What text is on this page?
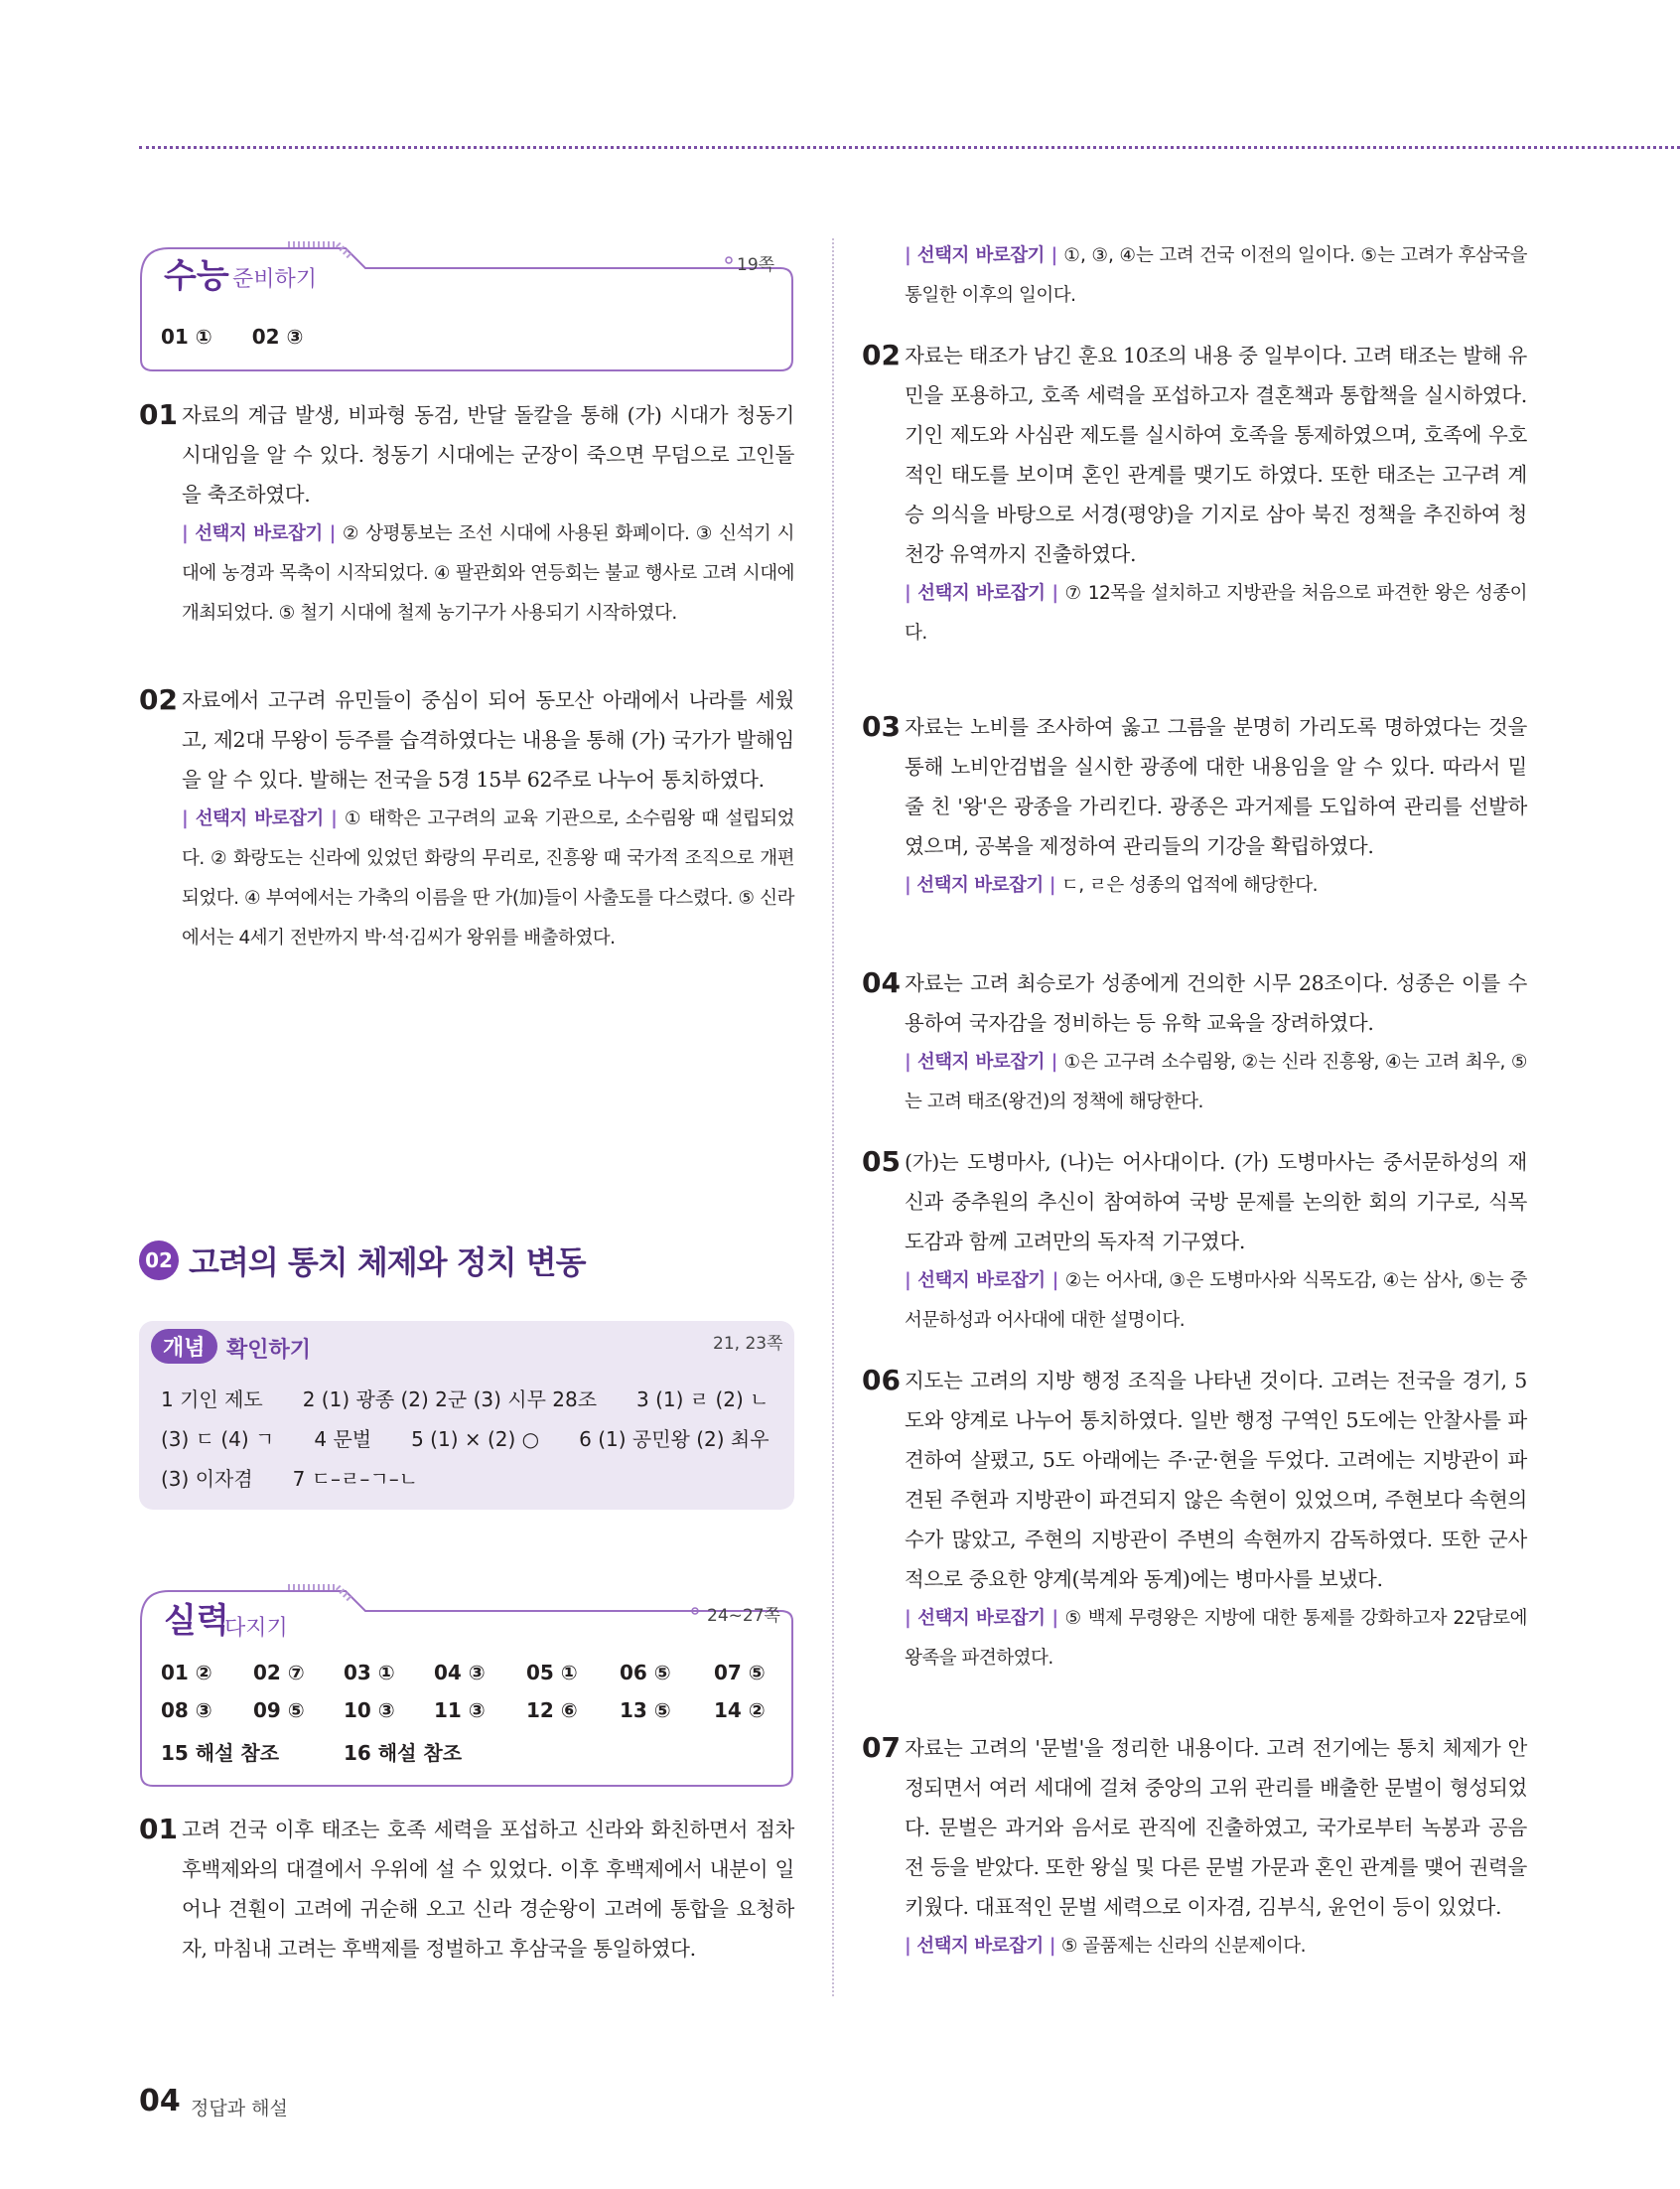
수능 준비하기
19쪽
01 ①　　02 ③
01 자료의 계급 발생, 비파형 동검, 반달 돌칼을 통해 (가) 시대가 청동기 시대임을 알 수 있다. 청동기 시대에는 군장이 죽으면 무덤으로 고인돌을 축조하였다.
| 선택지 바로잡기 | ② 상평통보는 조선 시대에 사용된 화폐이다. ③ 신석기 시대에 농경과 목축이 시작되었다. ④ 팔관회와 연등회는 불교 행사로 고려 시대에 개최되었다. ⑤ 철기 시대에 철제 농기구가 사용되기 시작하였다.
02 자료에서 고구려 유민들이 중심이 되어 동모산 아래에서 나라를 세웠고, 제2대 무왕이 등주를 습격하였다는 내용을 통해 (가) 국가가 발해임을 알 수 있다. 발해는 전국을 5경 15부 62주로 나누어 통치하였다.
| 선택지 바로잡기 | ① 태학은 고구려의 교육 기관으로, 소수림왕 때 설립되었다. ② 화랑도는 신라에 있었던 화랑의 무리로, 진흥왕 때 국가적 조직으로 개편되었다. ④ 부여에서는 가축의 이름을 딴 가(加)들이 사출도를 다스렸다. ⑤ 신라에서는 4세기 전반까지 박·석·김씨가 왕위를 배출하였다.
02 고려의 통치 체제와 정치 변동
개념 확인하기	21, 23쪽
1 기인 제도　　2 (1) 광종 (2) 2군 (3) 시무 28조　　3 (1) ㄹ (2) ㄴ
(3) ㄷ (4) ㄱ　　4 문벌　　5 (1) × (2) ○　　6 (1) 공민왕 (2) 최우
(3) 이자겸　　7 ㄷ–ㄹ–ㄱ–ㄴ
실력
다지기	24~27쪽
01 ② 02 ⑦ 03 ① 04 ③ 05 ① 06 ⑤ 07 ⑤
08 ③ 09 ⑤ 10 ③ 11 ③ 12 ⑥ 13 ⑤ 14 ②
15 해설 참조	16 해설 참조
01 고려 건국 이후 태조는 호족 세력을 포섭하고 신라와 화친하면서 점차 후백제와의 대결에서 우위에 설 수 있었다. 이후 후백제에서 내분이 일어나 견훤이 고려에 귀순해 오고 신라 경순왕이 고려에 통합을 요청하자, 마침내 고려는 후백제를 정벌하고 후삼국을 통일하였다.
| 선택지 바로잡기 | ①, ③, ④는 고려 건국 이전의 일이다. ⑤는 고려가 후삼국을 통일한 이후의 일이다.
02 자료는 태조가 남긴 훈요 10조의 내용 중 일부이다. 고려 태조는 발해 유민을 포용하고, 호족 세력을 포섭하고자 결혼책과 통합책을 실시하였다. 기인 제도와 사심관 제도를 실시하여 호족을 통제하였으며, 호족에 우호적인 태도를 보이며 혼인 관계를 맺기도 하였다. 또한 태조는 고구려 계승 의식을 바탕으로 서경(평양)을 기지로 삼아 북진 정책을 추진하여 청천강 유역까지 진출하였다.
| 선택지 바로잡기 | ⑦ 12목을 설치하고 지방관을 처음으로 파견한 왕은 성종이다.
03 자료는 노비를 조사하여 옳고 그름을 분명히 가리도록 명하였다는 것을 통해 노비안검법을 실시한 광종에 대한 내용임을 알 수 있다. 따라서 밑줄 친 '왕'은 광종을 가리킨다. 광종은 과거제를 도입하여 관리를 선발하였으며, 공복을 제정하여 관리들의 기강을 확립하였다.
| 선택지 바로잡기 | ㄷ, ㄹ은 성종의 업적에 해당한다.
04 자료는 고려 최승로가 성종에게 건의한 시무 28조이다. 성종은 이를 수용하여 국자감을 정비하는 등 유학 교육을 장려하였다.
| 선택지 바로잡기 | ①은 고구려 소수림왕, ②는 신라 진흥왕, ④는 고려 최우, ⑤는 고려 태조(왕건)의 정책에 해당한다.
05 (가)는 도병마사, (나)는 어사대이다. (가) 도병마사는 중서문하성의 재신과 중추원의 추신이 참여하여 국방 문제를 논의한 회의 기구로, 식목도감과 함께 고려만의 독자적 기구였다.
| 선택지 바로잡기 | ②는 어사대, ③은 도병마사와 식목도감, ④는 삼사, ⑤는 중서문하성과 어사대에 대한 설명이다.
06 지도는 고려의 지방 행정 조직을 나타낸 것이다. 고려는 전국을 경기, 5도와 양계로 나누어 통치하였다. 일반 행정 구역인 5도에는 안찰사를 파견하여 살폈고, 5도 아래에는 주·군·현을 두었다. 고려에는 지방관이 파견된 주현과 지방관이 파견되지 않은 속현이 있었으며, 주현보다 속현의 수가 많았고, 주현의 지방관이 주변의 속현까지 감독하였다. 또한 군사적으로 중요한 양계(북계와 동계)에는 병마사를 보냈다.
| 선택지 바로잡기 | ⑤ 백제 무령왕은 지방에 대한 통제를 강화하고자 22담로에 왕족을 파견하였다.
07 자료는 고려의 '문벌'을 정리한 내용이다. 고려 전기에는 통치 체제가 안정되면서 여러 세대에 걸쳐 중앙의 고위 관리를 배출한 문벌이 형성되었다. 문벌은 과거와 음서로 관직에 진출하였고, 국가로부터 녹봉과 공음전 등을 받았다. 또한 왕실 및 다른 문벌 가문과 혼인 관계를 맺어 권력을 키웠다. 대표적인 문벌 세력으로 이자겸, 김부식, 윤언이 등이 있었다.
| 선택지 바로잡기 | ⑤ 골품제는 신라의 신분제이다.
04 정답과 해설
